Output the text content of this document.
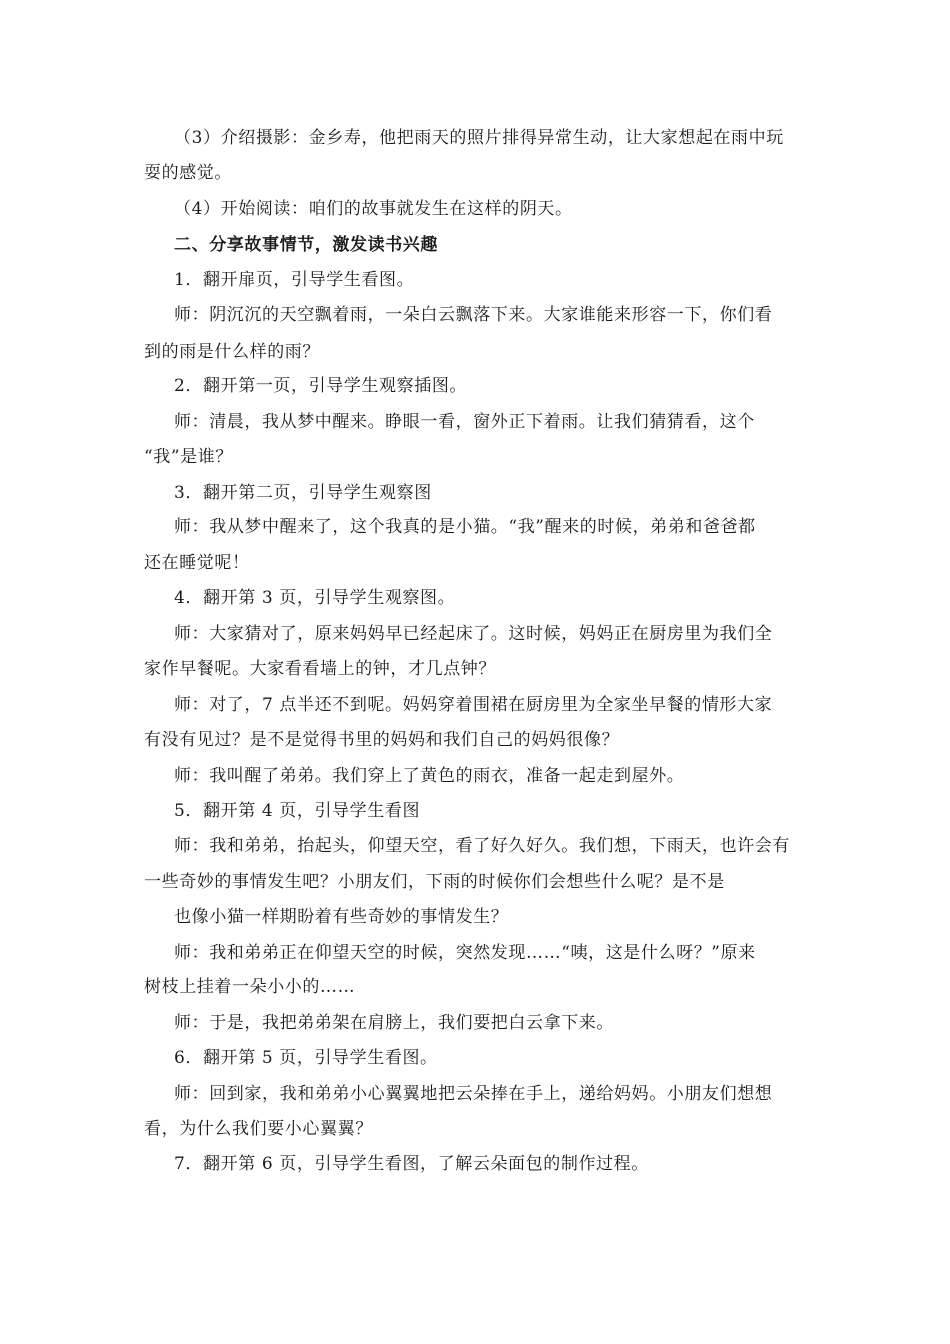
（3）介绍摄影：金乡寿，他把雨天的照片排得异常生动，让大家想起在雨中玩
耍的感觉。
（4）开始阅读：咱们的故事就发生在这样的阴天。
二、分享故事情节，激发读书兴趣
1．翻开扉页，引导学生看图。
师：阴沉沉的天空飘着雨，一朵白云飘落下来。大家谁能来形容一下，你们看
到的雨是什么样的雨？
2．翻开第一页，引导学生观察插图。
师：清晨，我从梦中醒来。睁眼一看，窗外正下着雨。让我们猜猜看，这个
“我”是谁？
3．翻开第二页，引导学生观察图
师：我从梦中醒来了，这个我真的是小猫。“我”醒来的时候，弟弟和爸爸都
还在睡觉呢！
4．翻开第 3 页，引导学生观察图。
师：大家猜对了，原来妈妈早已经起床了。这时候，妈妈正在厨房里为我们全
家作早餐呢。大家看看墙上的钟，才几点钟？
师：对了，7 点半还不到呢。妈妈穿着围裙在厨房里为全家坐早餐的情形大家
有没有见过？是不是觉得书里的妈妈和我们自己的妈妈很像？
师：我叫醒了弟弟。我们穿上了黄色的雨衣，准备一起走到屋外。
5．翻开第 4 页，引导学生看图
师：我和弟弟，抬起头，仰望天空，看了好久好久。我们想，下雨天，也许会有
一些奇妙的事情发生吧？小朋友们，下雨的时候你们会想些什么呢？是不是
也像小猫一样期盼着有些奇妙的事情发生？
师：我和弟弟正在仰望天空的时候，突然发现……“咦，这是什么呀？”原来
树枝上挂着一朵小小的……
师：于是，我把弟弟架在肩膀上，我们要把白云拿下来。
6．翻开第 5 页，引导学生看图。
师：回到家，我和弟弟小心翼翼地把云朵捧在手上，递给妈妈。小朋友们想想
看，为什么我们要小心翼翼？
7．翻开第 6 页，引导学生看图，了解云朵面包的制作过程。
